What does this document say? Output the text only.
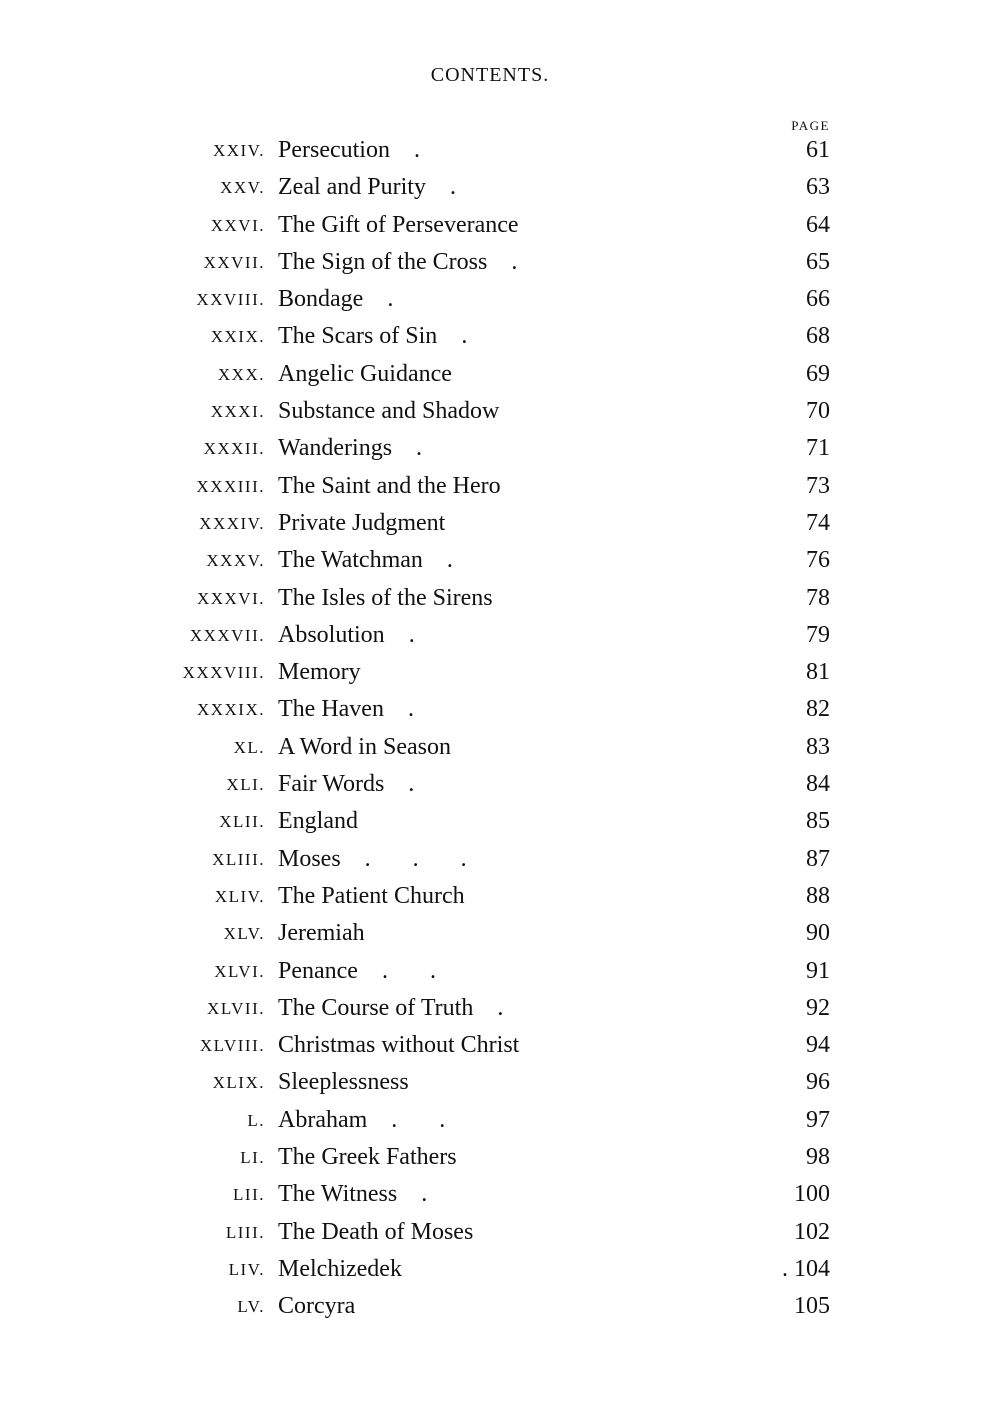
CONTENTS.
PAGE
XXIV. Persecution .	61
XXV. Zeal and Purity .	63
XXVI. The Gift of Perseverance	64
XXVII. The Sign of the Cross .	65
XXVIII. Bondage .	66
XXIX. The Scars of Sin .	68
XXX. Angelic Guidance	69
XXXI. Substance and Shadow	70
XXXII. Wanderings .	71
XXXIII. The Saint and the Hero	73
XXXIV. Private Judgment	74
XXXV. The Watchman .	76
XXXVI. The Isles of the Sirens	78
XXXVII. Absolution .	79
XXXVIII. Memory	81
XXXIX. The Haven .	82
XL. A Word in Season	83
XLI. Fair Words .	84
XLII. England	85
XLIII. Moses . . .	87
XLIV. The Patient Church	88
XLV. Jeremiah	90
XLVI. Penance . .	91
XLVII. The Course of Truth .	92
XLVIII. Christmas without Christ	94
XLIX. Sleeplessness	96
L. Abraham . .	97
LI. The Greek Fathers	98
LII. The Witness .	100
LIII. The Death of Moses	102
LIV. Melchizedek	. 104
LV. Corcyra	105
